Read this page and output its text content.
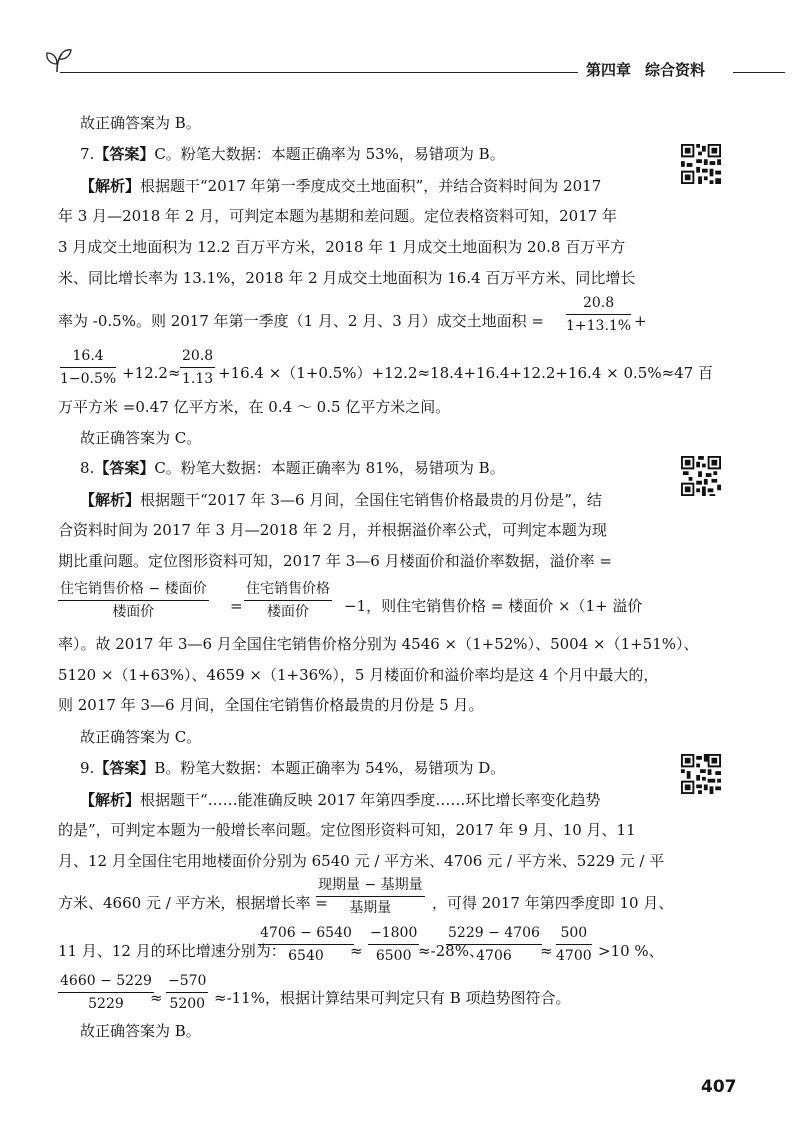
第四章 综合资料
故正确答案为 B。
7.【答案】C。粉笔大数据：本题正确率为 53%，易错项为 B。
【解析】根据题干“2017 年第一季度成交土地面积”，并结合资料时间为 2017
年 3 月—2018 年 2 月，可判定本题为基期和差问题。定位表格资料可知，2017 年
3 月成交土地面积为 12.2 百万平方米，2018 年 1 月成交土地面积为 20.8 百万平方
米、同比增长率为 13.1%，2018 年 2 月成交土地面积为 16.4 百万平方米、同比增长
率为 -0.5%。则 2017 年第一季度（1 月、2 月、3 月）成交土地面积 = $\frac{20.8}{1+13.1\%}$ +
$\frac{16.4}{1-0.5\%} +12.2\approx \frac{20.8}{1.13} +16.4 \times(1+0.5\%)+12.2\approx 18.4+16.4+12.2+16.4 \times 0.5\%\approx 47$ 百
万平方米 =0.47 亿平方米，在 0.4 ～ 0.5 亿平方米之间。
故正确答案为 C。
8.【答案】C。粉笔大数据：本题正确率为 81%，易错项为 B。
【解析】根据题干“2017 年 3—6 月间，全国住宅销售价格最贵的月份是”，结
合资料时间为 2017 年 3 月—2018 年 2 月，并根据溢价率公式，可判定本题为现
期比重问题。定位图形资料可知，2017 年 3—6 月楼面价和溢价率数据，溢价率 =
住宅销售价格 − 楼面价
楼面价	=
住宅销售价格
楼面价	−1，则住宅销售价格 = 楼面价 ×（1+ 溢价
率）。故 2017 年 3—6 月全国住宅销售价格分别为 4546 ×（1+52%）、5004 ×（1+51%）、
5120 ×（1+63%）、4659 ×（1+36%），5 月楼面价和溢价率均是这 4 个月中最大的，
则 2017 年 3—6 月间，全国住宅销售价格最贵的月份是 5 月。
故正确答案为 C。
9.【答案】B。粉笔大数据：本题正确率为 54%，易错项为 D。
【解析】根据题干“……能准确反映 2017 年第四季度……环比增长率变化趋势
的是”，可判定本题为一般增长率问题。定位图形资料可知，2017 年 9 月、10 月、11
月、12 月全国住宅用地楼面价分别为 6540 元 / 平方米、4706 元 / 平方米、5229 元 / 平
方米、4660 元 / 平方米，根据增长率 =
现期量 − 基期量
基期量	，可得 2017 年第四季度即 10 月、
11 月、12 月的环比增速分别为：
$\frac{4706 - 6540}{6540}$
≈ $\frac{-1800}{6500}$
≈-28%、
$\frac{5229 - 4706}{4706}$
≈ $\frac{500}{4700} >10$ %、
$\frac{4660 - 5229}{5229}$
≈ $\frac{-570}{5200} \approx-11\%$，根据计算结果可判定只有 B 项趋势图符合。
故正确答案为 B。
407
